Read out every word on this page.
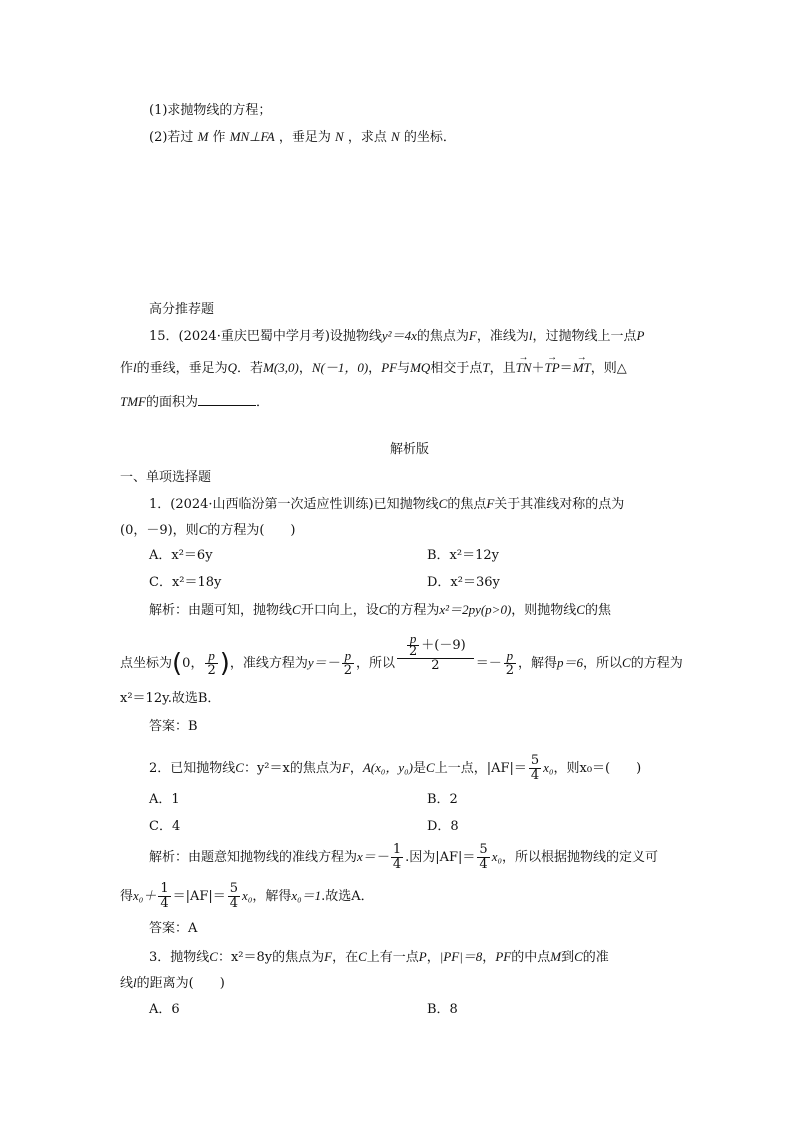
(1)求抛物线的方程；
(2)若过 M 作 MN⊥FA ，垂足为 N ，求点 N 的坐标．
高分推荐题
15．(2024·重庆巴蜀中学月考)设抛物线y²＝4x的焦点为F，准线为l，过抛物线上一点P
作l的垂线，垂足为Q．若M(3,0)，N(－1，0)，PF与MQ相交于点T，且→ TN＋→ TP＝→ MT，则△
TMF的面积为	．
解析版
一、单项选择题
1．(2024·山西临汾第一次适应性训练)已知抛物线C的焦点F关于其准线对称的点为
(0，－9)，则C的方程为(　　)
A．x²＝6y	B．x²＝12y
C．x²＝18y	D．x²＝36y
解析：由题可知，抛物线C开口向上，设C的方程为x²＝2py(p>0)，则抛物线C的焦
点坐标为(0， $\frac{p}{2}$ )，准线方程为$y=- \frac{p}{2}$ ，所以 $\frac{\frac{p}{2} +(-9)}{2} =- \frac{p}{2}$ ，解得p＝6，所以C的方程为
x²＝12y.故选B．
答案：B
2．已知抛物线C：y²＝x的焦点为F，A(x₀，y₀)是C上一点，$|AF|= \frac{5}{4} x_0$，则x₀＝(　　)
A．1	B．2
C．4	D．8
解析：由题意知抛物线的准线方程为$x=- \frac{1}{4}$ .因为$|AF|= \frac{5}{4} x_0$，所以根据抛物线的定义可
得$x_0+ \frac{1}{4} =|AF|= \frac{5}{4} x_0$，解得x₀＝1.故选A．
答案：A
3．抛物线C：x²＝8y的焦点为F，在C上有一点P，|PF|＝8，PF的中点M到C的准
线l的距离为(　　)
A．6	B．8
